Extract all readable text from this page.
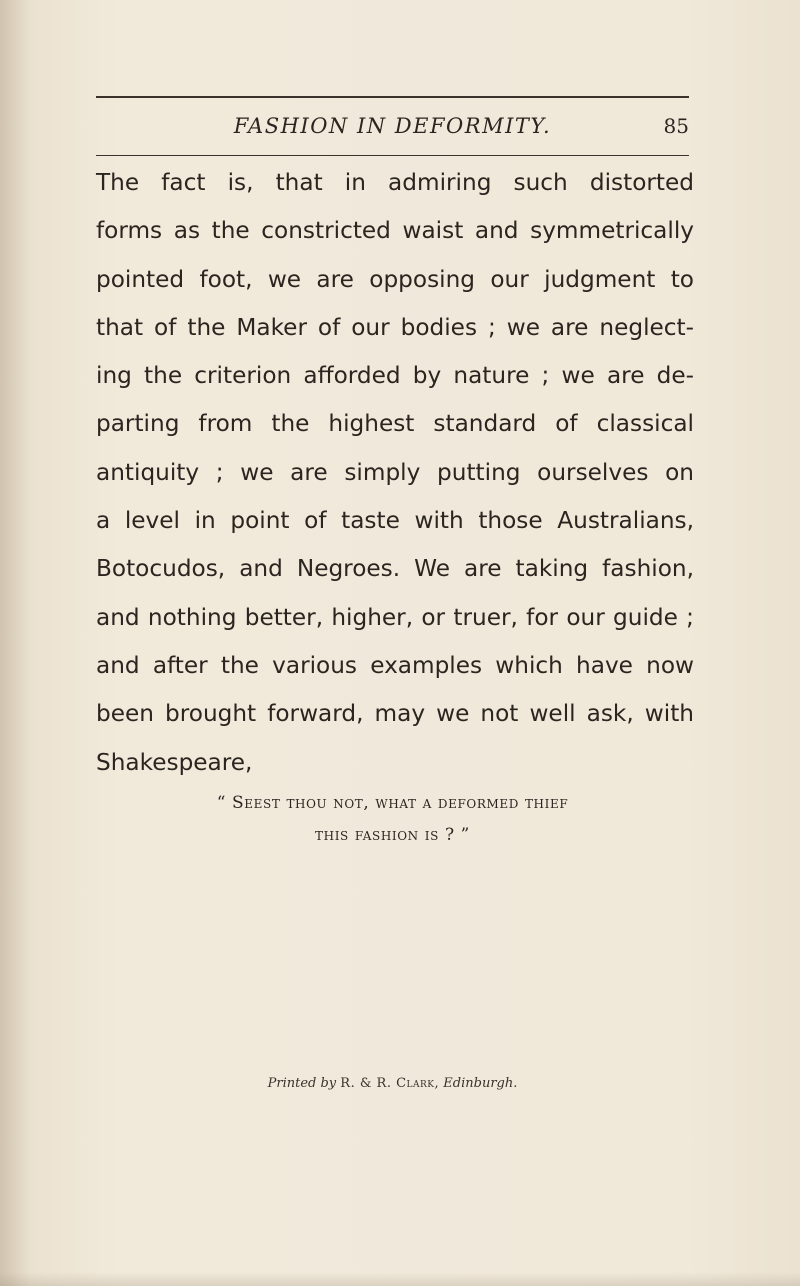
FASHION IN DEFORMITY.	85
The fact is, that in admiring such distorted
forms as the constricted waist and symmetrically
pointed foot, we are opposing our judgment to
that of the Maker of our bodies ; we are neglect-
ing the criterion afforded by nature ; we are de-
parting from the highest standard of classical
antiquity ; we are simply putting ourselves on
a level in point of taste with those Australians,
Botocudos, and Negroes. We are taking fashion,
and nothing better, higher, or truer, for our guide ;
and after the various examples which have now
been brought forward, may we not well ask, with
Shakespeare,
“ Seest thou not, what a deformed thief
this fashion is ? ”
Printed by R. & R. Clark, Edinburgh.
